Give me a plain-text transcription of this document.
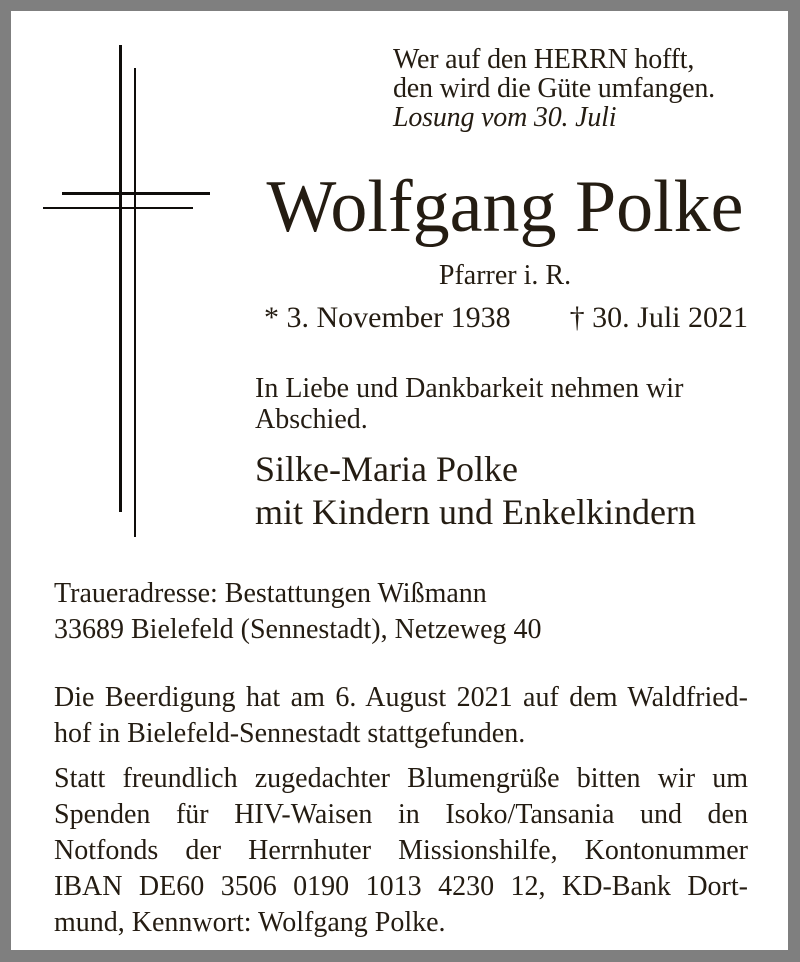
Wer auf den HERRN hofft,
den wird die Güte umfangen.
Losung vom 30. Juli
Wolfgang Polke
Pfarrer i. R.
* 3. November 1938 † 30. Juli 2021
In Liebe und Dankbarkeit nehmen wir
Abschied.
Silke-Maria Polke
mit Kindern und Enkelkindern
Traueradresse: Bestattungen Wißmann
33689 Bielefeld (Sennestadt), Netzeweg 40
Die Beerdigung hat am 6. August 2021 auf dem Waldfried-
hof in Bielefeld-Sennestadt stattgefunden.
Statt freundlich zugedachter Blumengrüße bitten wir um
Spenden für HIV-Waisen in Isoko/Tansania und den
Notfonds der Herrnhuter Missionshilfe, Kontonummer
IBAN DE60 3506 0190 1013 4230 12, KD-Bank Dort-
mund, Kennwort: Wolfgang Polke.
